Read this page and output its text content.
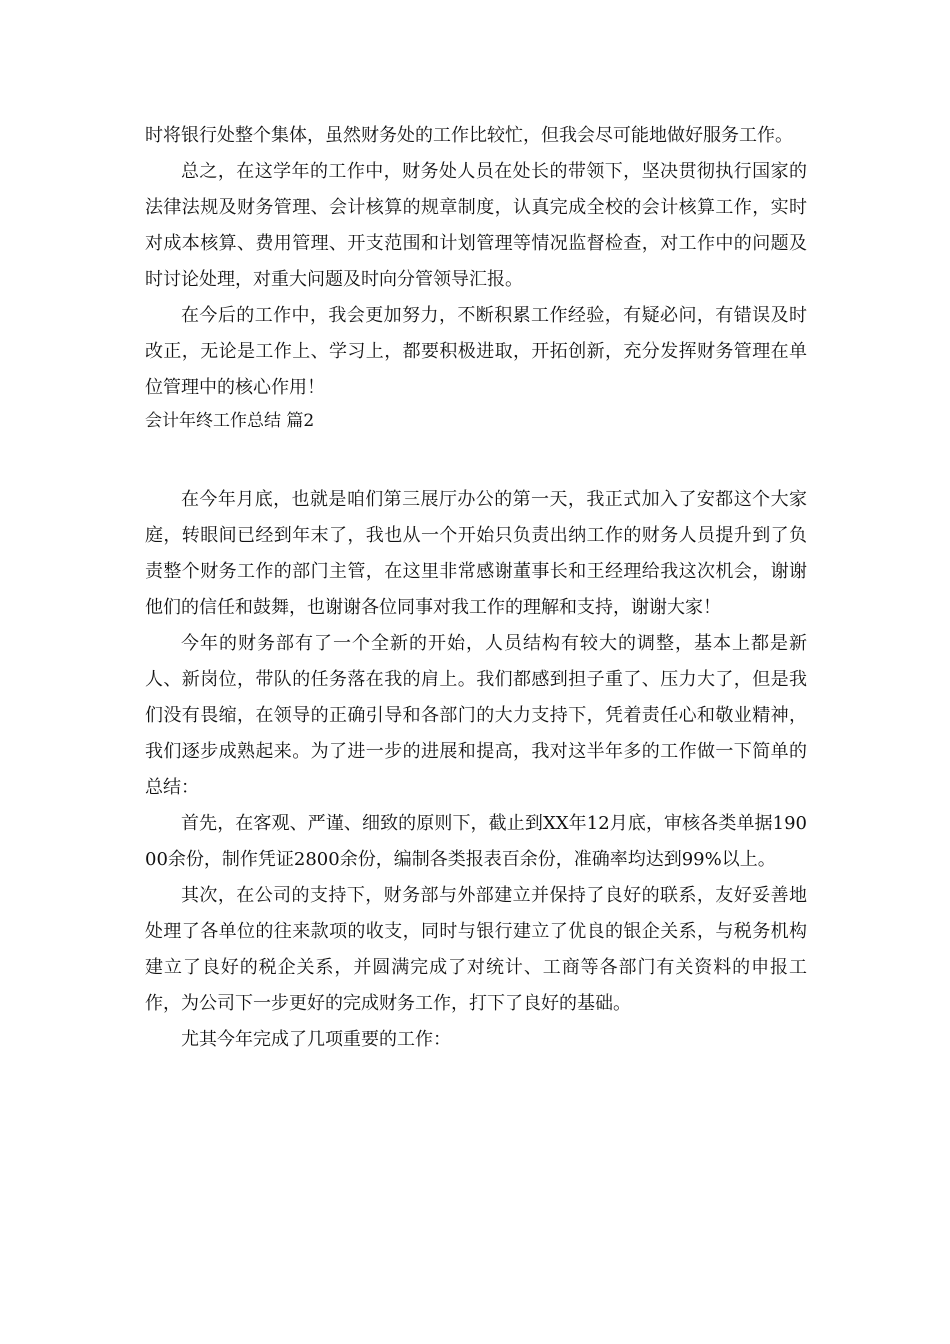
时将银行处整个集体，虽然财务处的工作比较忙，但我会尽可能地做好服务工作。

总之，在这学年的工作中，财务处人员在处长的带领下，坚决贯彻执行国家的法律法规及财务管理、会计核算的规章制度，认真完成全校的会计核算工作，实时对成本核算、费用管理、开支范围和计划管理等情况监督检查，对工作中的问题及时讨论处理，对重大问题及时向分管领导汇报。

在今后的工作中，我会更加努力，不断积累工作经验，有疑必问，有错误及时改正，无论是工作上、学习上，都要积极进取，开拓创新，充分发挥财务管理在单位管理中的核心作用！

会计年终工作总结 篇2

在今年月底，也就是咱们第三展厅办公的第一天，我正式加入了安都这个大家庭，转眼间已经到年末了，我也从一个开始只负责出纳工作的财务人员提升到了负责整个财务工作的部门主管，在这里非常感谢董事长和王经理给我这次机会，谢谢他们的信任和鼓舞，也谢谢各位同事对我工作的理解和支持，谢谢大家！

今年的财务部有了一个全新的开始，人员结构有较大的调整，基本上都是新人、新岗位，带队的任务落在我的肩上。我们都感到担子重了、压力大了，但是我们没有畏缩，在领导的正确引导和各部门的大力支持下，凭着责任心和敬业精神，我们逐步成熟起来。为了进一步的进展和提高，我对这半年多的工作做一下简单的总结：

首先，在客观、严谨、细致的原则下，截止到XX年12月底，审核各类单据19000余份，制作凭证2800余份，编制各类报表百余份，准确率均达到99%以上。

其次，在公司的支持下，财务部与外部建立并保持了良好的联系，友好妥善地处理了各单位的往来款项的收支，同时与银行建立了优良的银企关系，与税务机构建立了良好的税企关系，并圆满完成了对统计、工商等各部门有关资料的申报工作，为公司下一步更好的完成财务工作，打下了良好的基础。

尤其今年完成了几项重要的工作：
